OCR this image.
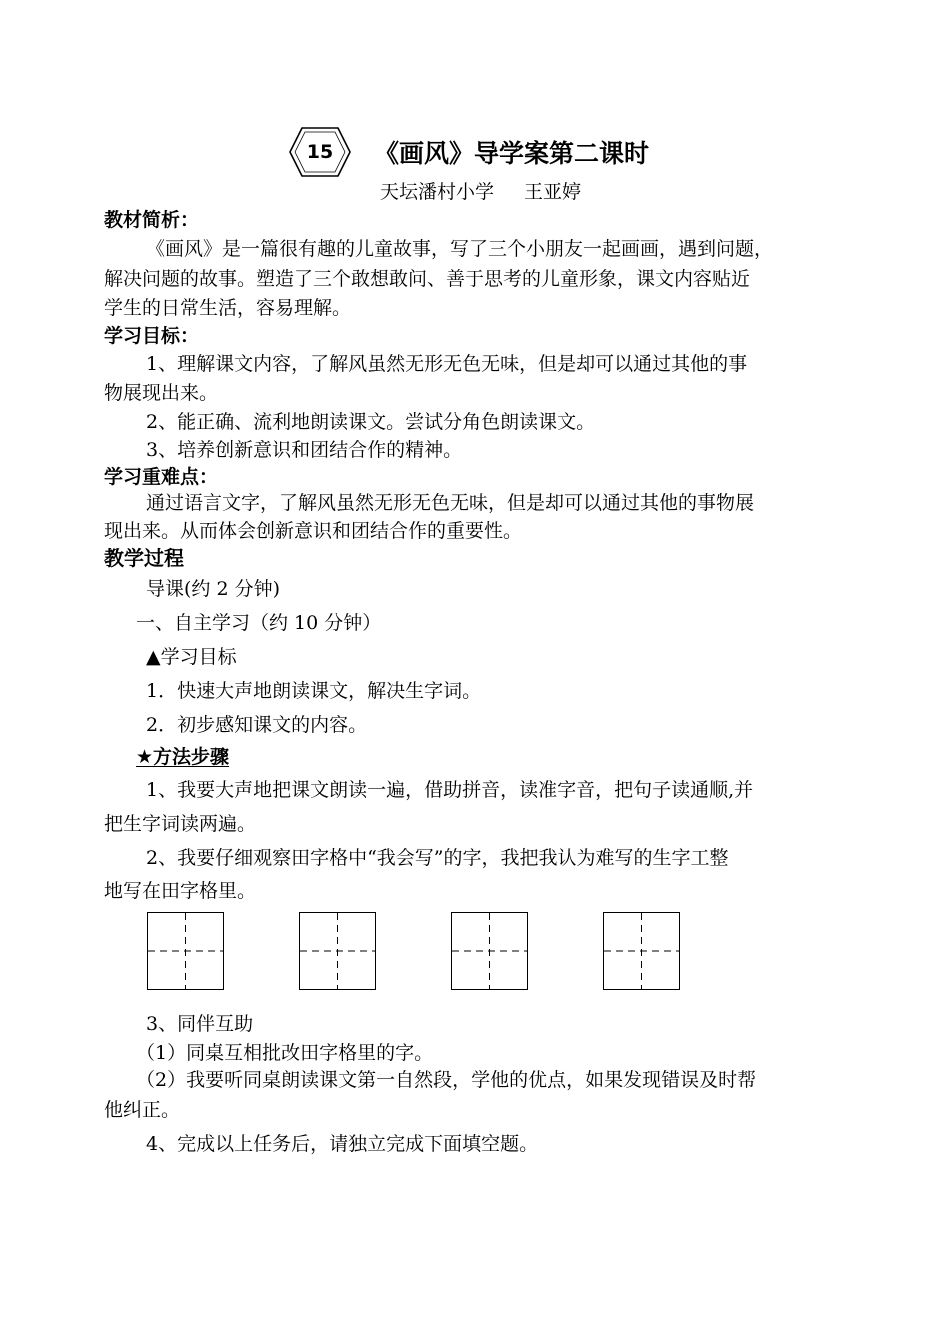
15	《画风》导学案第二课时
天坛潘村小学 王亚婷
教材简析：
《画风》是一篇很有趣的儿童故事，写了三个小朋友一起画画，遇到问题，
解决问题的故事。塑造了三个敢想敢问、善于思考的儿童形象，课文内容贴近
学生的日常生活，容易理解。
学习目标：
1、理解课文内容，了解风虽然无形无色无味，但是却可以通过其他的事
物展现出来。
2、能正确、流利地朗读课文。尝试分角色朗读课文。
3、培养创新意识和团结合作的精神。
学习重难点：
通过语言文字，了解风虽然无形无色无味，但是却可以通过其他的事物展
现出来。从而体会创新意识和团结合作的重要性。
教学过程
导课(约 2 分钟)
一、自主学习（约 10 分钟）
▲学习目标
1．快速大声地朗读课文，解决生字词。
2．初步感知课文的内容。
★方法步骤
1、我要大声地把课文朗读一遍，借助拼音，读准字音，把句子读通顺,并
把生字词读两遍。
2、我要仔细观察田字格中“我会写”的字，我把我认为难写的生字工整
地写在田字格里。
3、同伴互助
（1）同桌互相批改田字格里的字。
（2）我要听同桌朗读课文第一自然段，学他的优点，如果发现错误及时帮
他纠正。
4、完成以上任务后，请独立完成下面填空题。
